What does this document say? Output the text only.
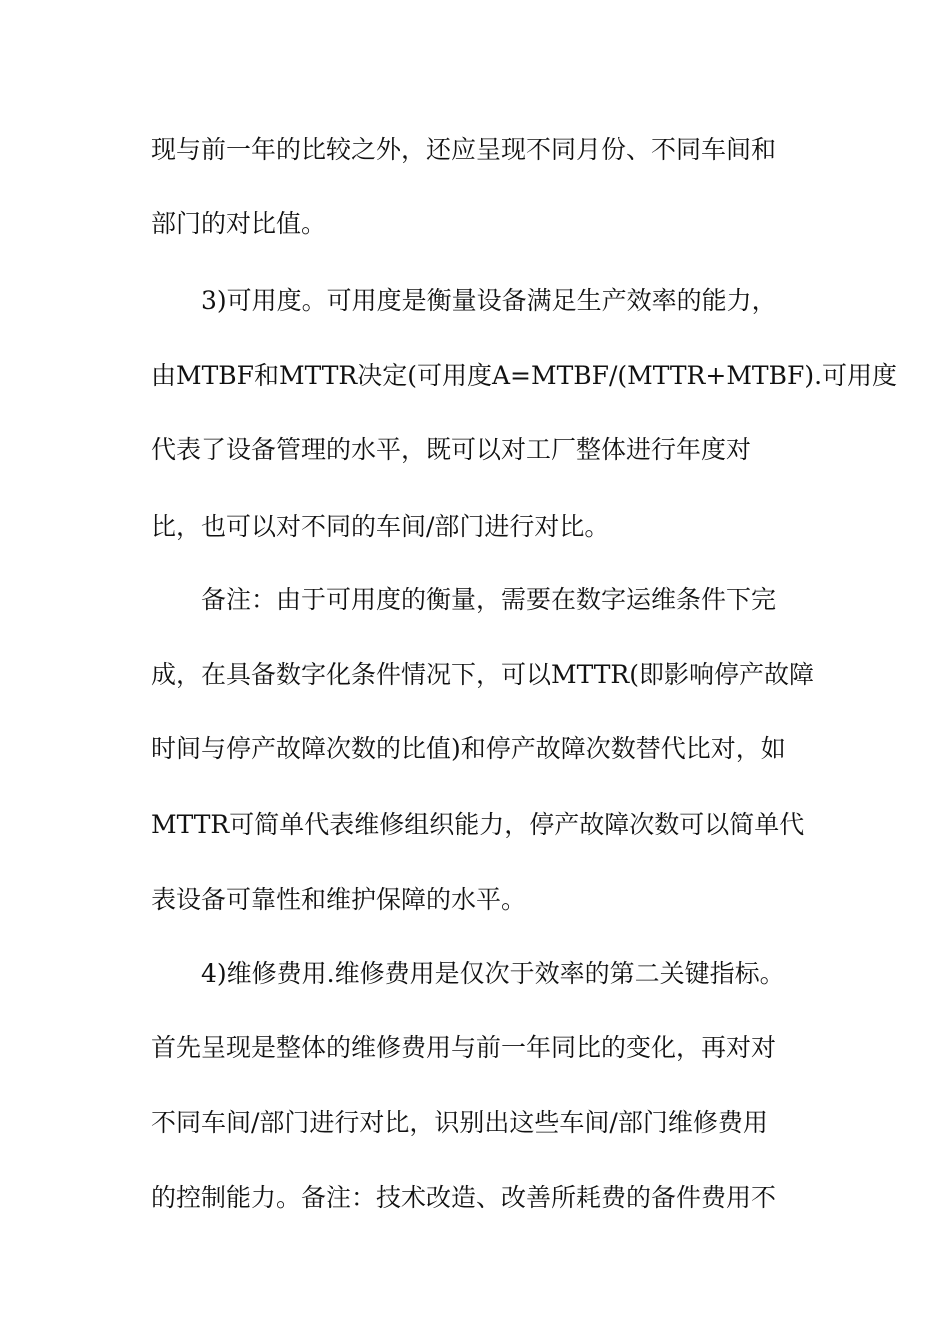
现与前一年的比较之外，还应呈现不同月份、不同车间和

部门的对比值。

3)可用度。可用度是衡量设备满足生产效率的能力，

由MTBF和MTTR决定(可用度A=MTBF/(MTTR+MTBF).可用度

代表了设备管理的水平，既可以对工厂整体进行年度对

比，也可以对不同的车间/部门进行对比。

备注：由于可用度的衡量，需要在数字运维条件下完

成，在具备数字化条件情况下，可以MTTR(即影响停产故障

时间与停产故障次数的比值)和停产故障次数替代比对，如

MTTR可简单代表维修组织能力，停产故障次数可以简单代

表设备可靠性和维护保障的水平。

4)维修费用.维修费用是仅次于效率的第二关键指标。

首先呈现是整体的维修费用与前一年同比的变化，再对对

不同车间/部门进行对比，识别出这些车间/部门维修费用

的控制能力。备注：技术改造、改善所耗费的备件费用不
